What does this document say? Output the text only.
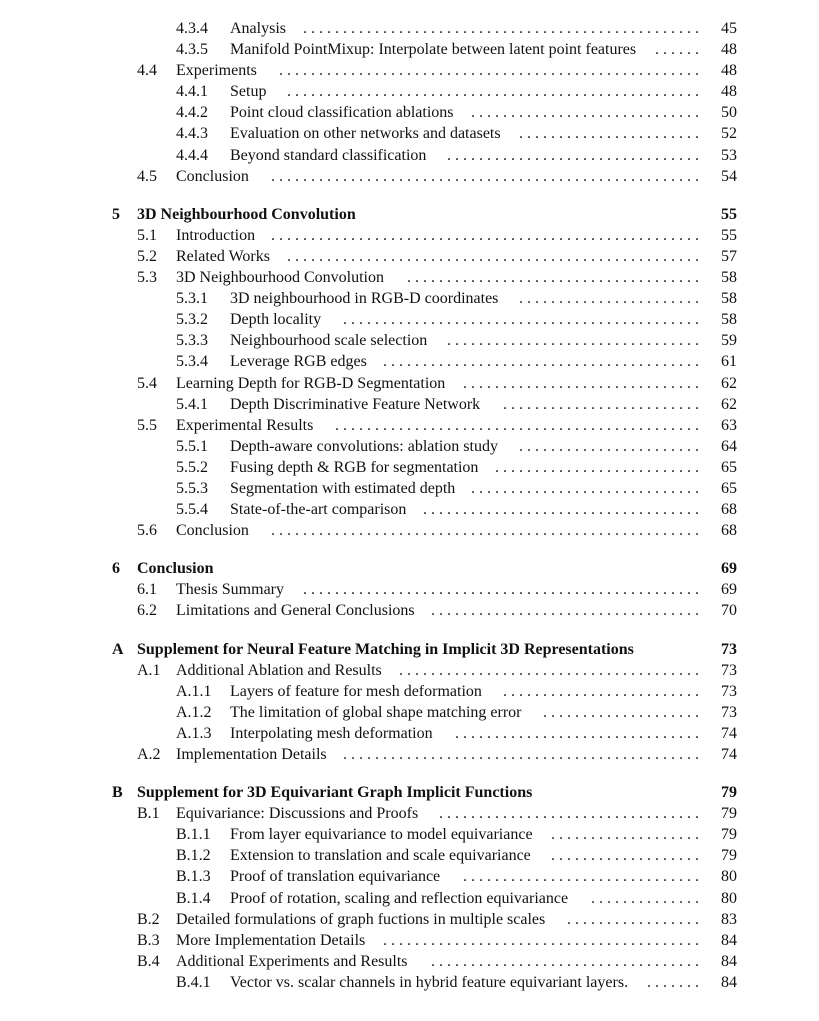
4.3.4	Analysis	. . . . . . . . . . . . . . . . . . . . . . . . . . . . . . . . . . . . . . . . . . . . . . . . . .	45
4.3.5	Manifold PointMixup: Interpolate between latent point features	. . . . . .	48
4.4	Experiments	. . . . . . . . . . . . . . . . . . . . . . . . . . . . . . . . . . . . . . . . . . . . . . . . . . . . .	48
4.4.1	Setup	. . . . . . . . . . . . . . . . . . . . . . . . . . . . . . . . . . . . . . . . . . . . . . . . . . . .	48
4.4.2	Point cloud classification ablations	. . . . . . . . . . . . . . . . . . . . . . . . . . . . .	50
4.4.3	Evaluation on other networks and datasets	. . . . . . . . . . . . . . . . . . . . . . .	52
4.4.4	Beyond standard classification	. . . . . . . . . . . . . . . . . . . . . . . . . . . . . . . .	53
4.5	Conclusion	. . . . . . . . . . . . . . . . . . . . . . . . . . . . . . . . . . . . . . . . . . . . . . . . . . . . . .	54
5	3D Neighbourhood Convolution	55
5.1	Introduction . . . . . . . . . . . . . . . . . . . . . . . . . . . . . . . . . . . . . . . . . . . . . . . . . . . . . .	55
5.2	Related Works	. . . . . . . . . . . . . . . . . . . . . . . . . . . . . . . . . . . . . . . . . . . . . . . . . . . .	57
5.3	3D Neighbourhood Convolution	. . . . . . . . . . . . . . . . . . . . . . . . . . . . . . . . . . . . .	58
5.3.1	3D neighbourhood in RGB-D coordinates	. . . . . . . . . . . . . . . . . . . . . . .	58
5.3.2	Depth locality	. . . . . . . . . . . . . . . . . . . . . . . . . . . . . . . . . . . . . . . . . . . . .	58
5.3.3	Neighbourhood scale selection	. . . . . . . . . . . . . . . . . . . . . . . . . . . . . . . .	59
5.3.4	Leverage RGB edges	. . . . . . . . . . . . . . . . . . . . . . . . . . . . . . . . . . . . . . . .	61
5.4	Learning Depth for RGB-D Segmentation	. . . . . . . . . . . . . . . . . . . . . . . . . . . . . .	62
5.4.1	Depth Discriminative Feature Network	. . . . . . . . . . . . . . . . . . . . . . . . .	62
5.5	Experimental Results	. . . . . . . . . . . . . . . . . . . . . . . . . . . . . . . . . . . . . . . . . . . . . .	63
5.5.1	Depth-aware convolutions: ablation study	. . . . . . . . . . . . . . . . . . . . . . .	64
5.5.2	Fusing depth & RGB for segmentation	. . . . . . . . . . . . . . . . . . . . . . . . . .	65
5.5.3	Segmentation with estimated depth . . . . . . . . . . . . . . . . . . . . . . . . . . . . .	65
5.5.4	State-of-the-art comparison	. . . . . . . . . . . . . . . . . . . . . . . . . . . . . . . . . . .	68
5.6	Conclusion	. . . . . . . . . . . . . . . . . . . . . . . . . . . . . . . . . . . . . . . . . . . . . . . . . . . . . .	68
6	Conclusion	69
6.1	Thesis Summary	. . . . . . . . . . . . . . . . . . . . . . . . . . . . . . . . . . . . . . . . . . . . . . . . . .	69
6.2	Limitations and General Conclusions	. . . . . . . . . . . . . . . . . . . . . . . . . . . . . . . . . .	70
A Supplement for Neural Feature Matching in Implicit 3D Representations	73
A.1 Additional Ablation and Results	. . . . . . . . . . . . . . . . . . . . . . . . . . . . . . . . . . . . . .	73
A.1.1	Layers of feature for mesh deformation	. . . . . . . . . . . . . . . . . . . . . . . . .	73
A.1.2	The limitation of global shape matching error	. . . . . . . . . . . . . . . . . . . .	73
A.1.3	Interpolating mesh deformation	. . . . . . . . . . . . . . . . . . . . . . . . . . . . . . .	74
A.2 Implementation Details	. . . . . . . . . . . . . . . . . . . . . . . . . . . . . . . . . . . . . . . . . . . . .	74
B Supplement for 3D Equivariant Graph Implicit Functions	79
B.1	Equivariance: Discussions and Proofs	. . . . . . . . . . . . . . . . . . . . . . . . . . . . . . . . .	79
B.1.1	From layer equivariance to model equivariance	. . . . . . . . . . . . . . . . . . .	79
B.1.2	Extension to translation and scale equivariance	. . . . . . . . . . . . . . . . . . .	79
B.1.3	Proof of translation equivariance	. . . . . . . . . . . . . . . . . . . . . . . . . . . . . .	80
B.1.4	Proof of rotation, scaling and reflection equivariance	. . . . . . . . . . . . . .	80
B.2	Detailed formulations of graph fuctions in multiple scales	. . . . . . . . . . . . . . . . .	83
B.3	More Implementation Details	. . . . . . . . . . . . . . . . . . . . . . . . . . . . . . . . . . . . . . . .	84
B.4	Additional Experiments and Results	. . . . . . . . . . . . . . . . . . . . . . . . . . . . . . . . . .	84
B.4.1	Vector vs. scalar channels in hybrid feature equivariant layers.	. . . . . . .	84
